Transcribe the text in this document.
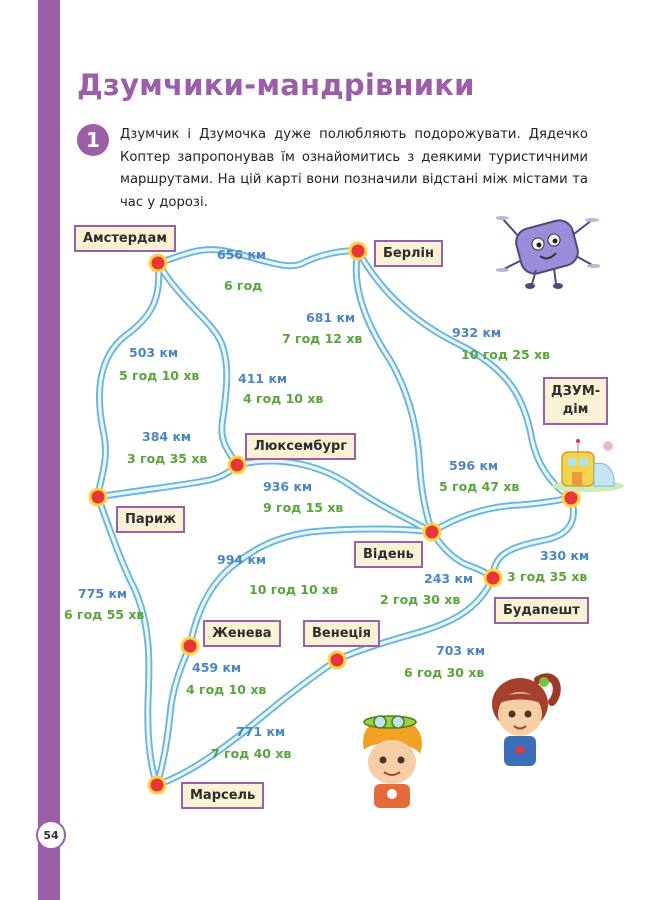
54
Дзумчики-мандрівники
1	Дзумчик і Дзумочка дуже полюбляють подорожувати. Дядечко Коптер запропонував їм ознайомитись з деякими туристичними маршрутами. На цій карті вони позначили відстані між містами та час у дорозі.

Амстердам
Берлін
Люксембург
Париж
ДЗУМ-
дім
Відень
Будапешт
Женева	Венеція
Марсель
656 км
6 год
503 км
5 год 10 хв	411 км
4 год 10 хв
681 км
7 год 12 хв	932 км
10 год 25 хв
384 км
3 год 35 хв
936 км
9 год 15 хв
596 км
5 год 47 хв
330 км
3 год 35 хв
243 км
2 год 30 хв
994 км
10 год 10 хв
775 км
6 год 55 хв
459 км
4 год 10 хв
703 км
6 год 30 хв
771 км
7 год 40 хв
